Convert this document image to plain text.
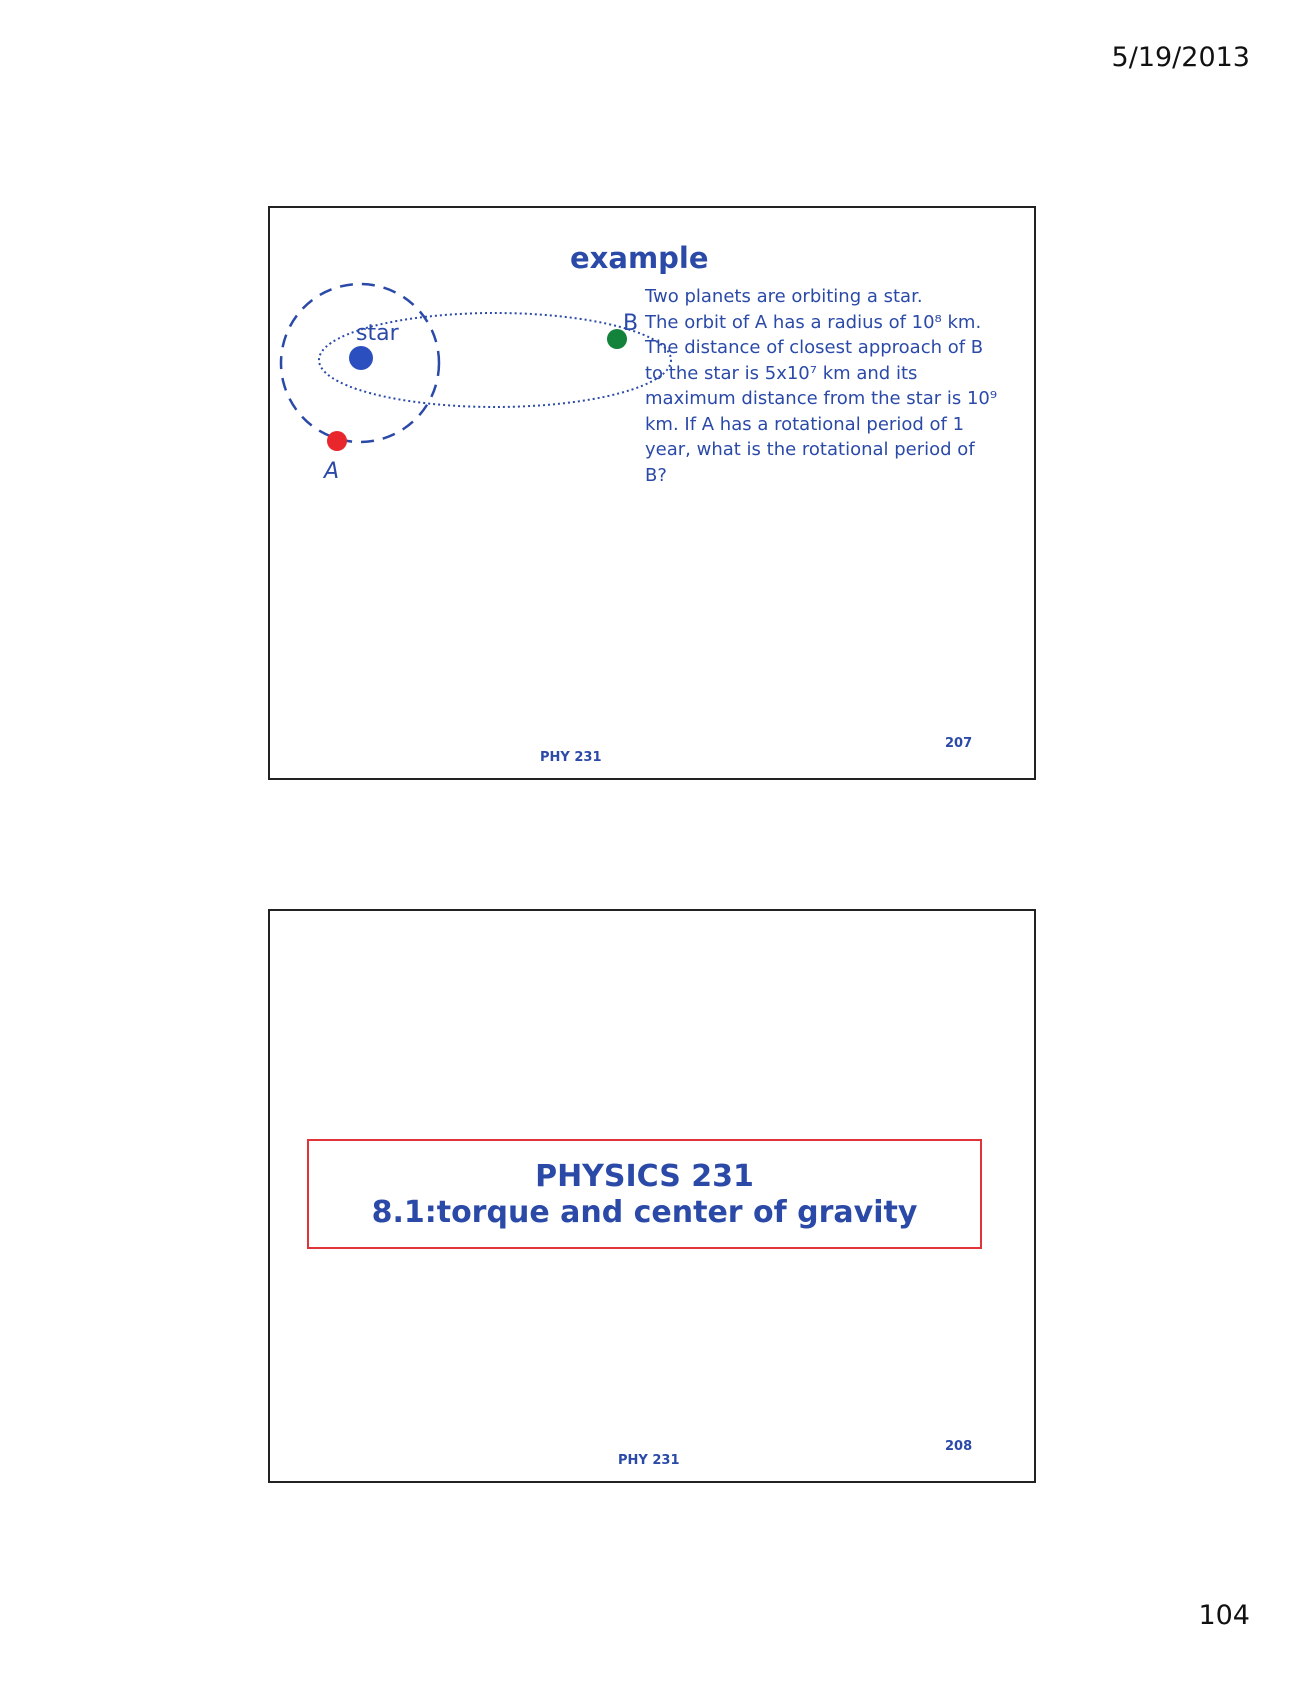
5/19/2013
star
A
B
example
Two planets are orbiting a star.
The orbit of A has a radius of 10⁸ km.
The distance of closest approach of B
to the star is 5x10⁷ km and its
maximum distance from the star is 10⁹
km. If A has a rotational period of 1
year, what is the rotational period of
B?
PHY 231
207
PHYSICS 231
8.1:torque and center of gravity
PHY 231
208
104
